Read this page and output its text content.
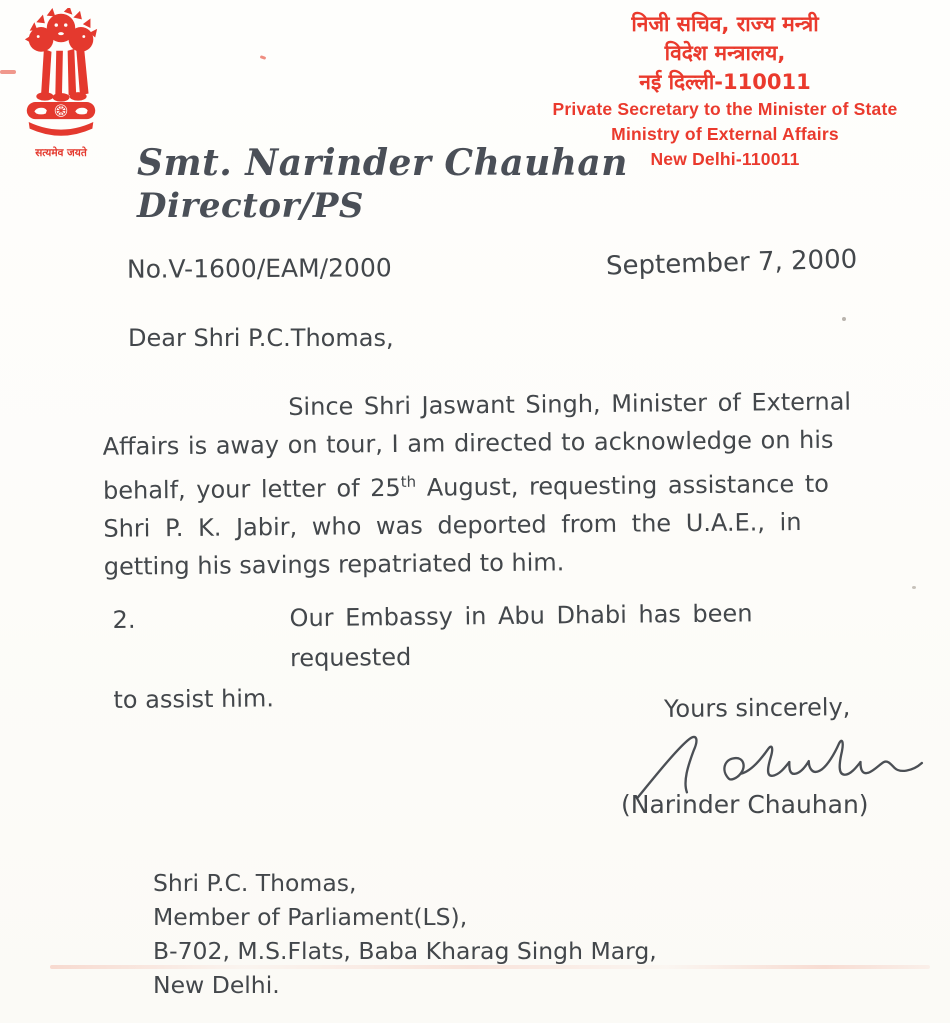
सत्यमेव जयते
निजी सचिव, राज्य मन्त्री
विदेश मन्त्रालय,
नई दिल्ली-110011
Private Secretary to the Minister of State
Ministry of External Affairs
New Delhi-110011
Smt. Narinder Chauhan
Director/PS
No.V-1600/EAM/2000	September 7, 2000
Dear Shri P.C.Thomas,
Since Shri Jaswant Singh, Minister of External
Affairs is away on tour, I am directed to acknowledge on his
behalf, your letter of 25th August, requesting assistance to
Shri P. K. Jabir, who was deported from the U.A.E., in
getting his savings repatriated to him.
2.	Our Embassy in Abu Dhabi has been requested
to assist him.	Yours sincerely,
(Narinder Chauhan)
Shri P.C. Thomas,
Member of Parliament(LS),
B-702, M.S.Flats, Baba Kharag Singh Marg,
New Delhi.
